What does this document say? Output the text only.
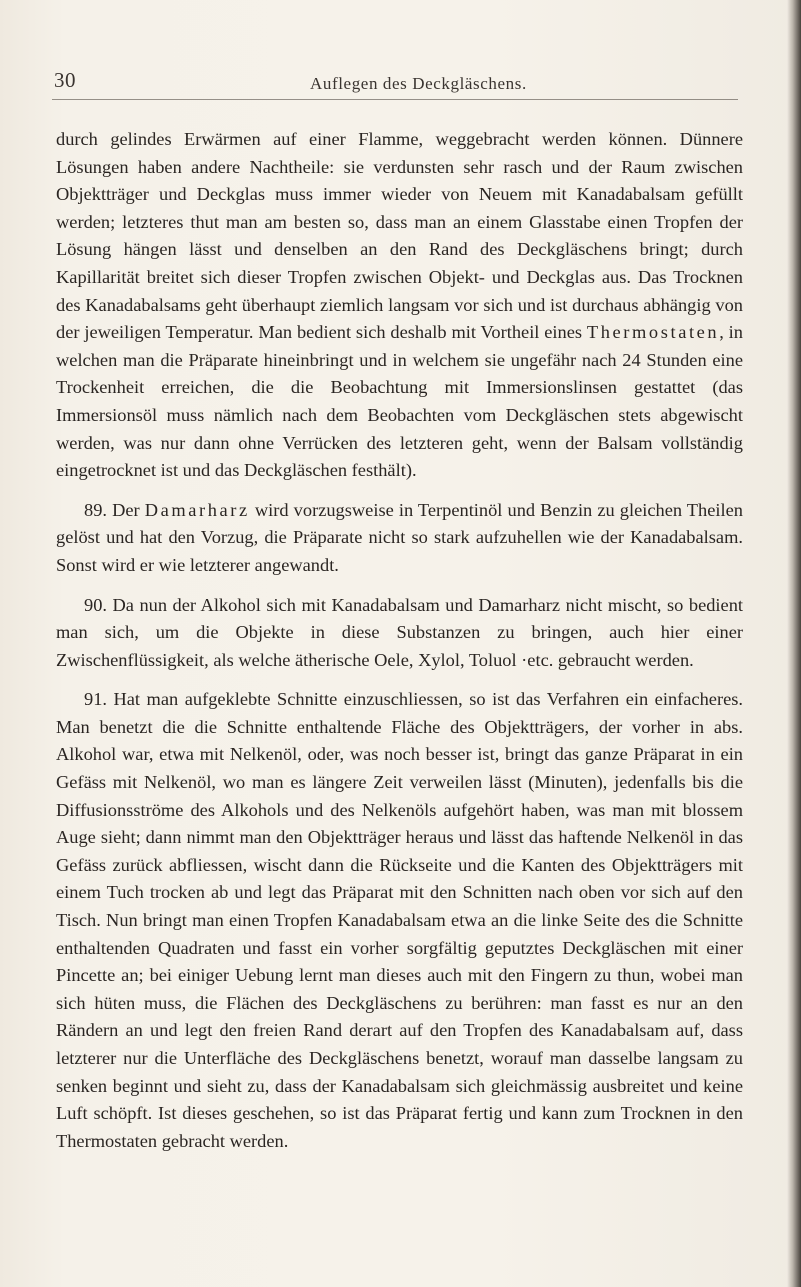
30	Auflegen des Deckgläschens.

durch gelindes Erwärmen auf einer Flamme, weggebracht werden können. Dünnere Lösungen haben andere Nachtheile: sie verdunsten sehr rasch und der Raum zwischen Objektträger und Deckglas muss immer wieder von Neuem mit Kanadabalsam gefüllt werden; letzteres thut man am besten so, dass man an einem Glasstabe einen Tropfen der Lösung hängen lässt und denselben an den Rand des Deckgläschens bringt; durch Kapillarität breitet sich dieser Tropfen zwischen Objekt- und Deckglas aus. Das Trocknen des Kanadabalsams geht überhaupt ziemlich langsam vor sich und ist durchaus abhängig von der jeweiligen Temperatur. Man bedient sich deshalb mit Vortheil eines Thermostaten, in welchen man die Präparate hineinbringt und in welchem sie ungefähr nach 24 Stunden eine Trockenheit erreichen, die die Beobachtung mit Immersionslinsen gestattet (das Immersionsöl muss nämlich nach dem Beobachten vom Deckgläschen stets abgewischt werden, was nur dann ohne Verrücken des letzteren geht, wenn der Balsam vollständig eingetrocknet ist und das Deckgläschen festhält).

89. Der Damarharz wird vorzugsweise in Terpentinöl und Benzin zu gleichen Theilen gelöst und hat den Vorzug, die Präparate nicht so stark aufzuhellen wie der Kanadabalsam. Sonst wird er wie letzterer angewandt.

90. Da nun der Alkohol sich mit Kanadabalsam und Damarharz nicht mischt, so bedient man sich, um die Objekte in diese Substanzen zu bringen, auch hier einer Zwischenflüssigkeit, als welche ätherische Oele, Xylol, Toluol ·etc. gebraucht werden.

91. Hat man aufgeklebte Schnitte einzuschliessen, so ist das Verfahren ein einfacheres. Man benetzt die die Schnitte enthaltende Fläche des Objektträgers, der vorher in abs. Alkohol war, etwa mit Nelkenöl, oder, was noch besser ist, bringt das ganze Präparat in ein Gefäss mit Nelkenöl, wo man es längere Zeit verweilen lässt (Minuten), jedenfalls bis die Diffusionsströme des Alkohols und des Nelkenöls aufgehört haben, was man mit blossem Auge sieht; dann nimmt man den Objektträger heraus und lässt das haftende Nelkenöl in das Gefäss zurück abfliessen, wischt dann die Rückseite und die Kanten des Objektträgers mit einem Tuch trocken ab und legt das Präparat mit den Schnitten nach oben vor sich auf den Tisch. Nun bringt man einen Tropfen Kanadabalsam etwa an die linke Seite des die Schnitte enthaltenden Quadraten und fasst ein vorher sorgfältig geputztes Deckgläschen mit einer Pincette an; bei einiger Uebung lernt man dieses auch mit den Fingern zu thun, wobei man sich hüten muss, die Flächen des Deckgläschens zu berühren: man fasst es nur an den Rändern an und legt den freien Rand derart auf den Tropfen des Kanadabalsam auf, dass letzterer nur die Unterfläche des Deckgläschens benetzt, worauf man dasselbe langsam zu senken beginnt und sieht zu, dass der Kanadabalsam sich gleichmässig ausbreitet und keine Luft schöpft. Ist dieses geschehen, so ist das Präparat fertig und kann zum Trocknen in den Thermostaten gebracht werden.
